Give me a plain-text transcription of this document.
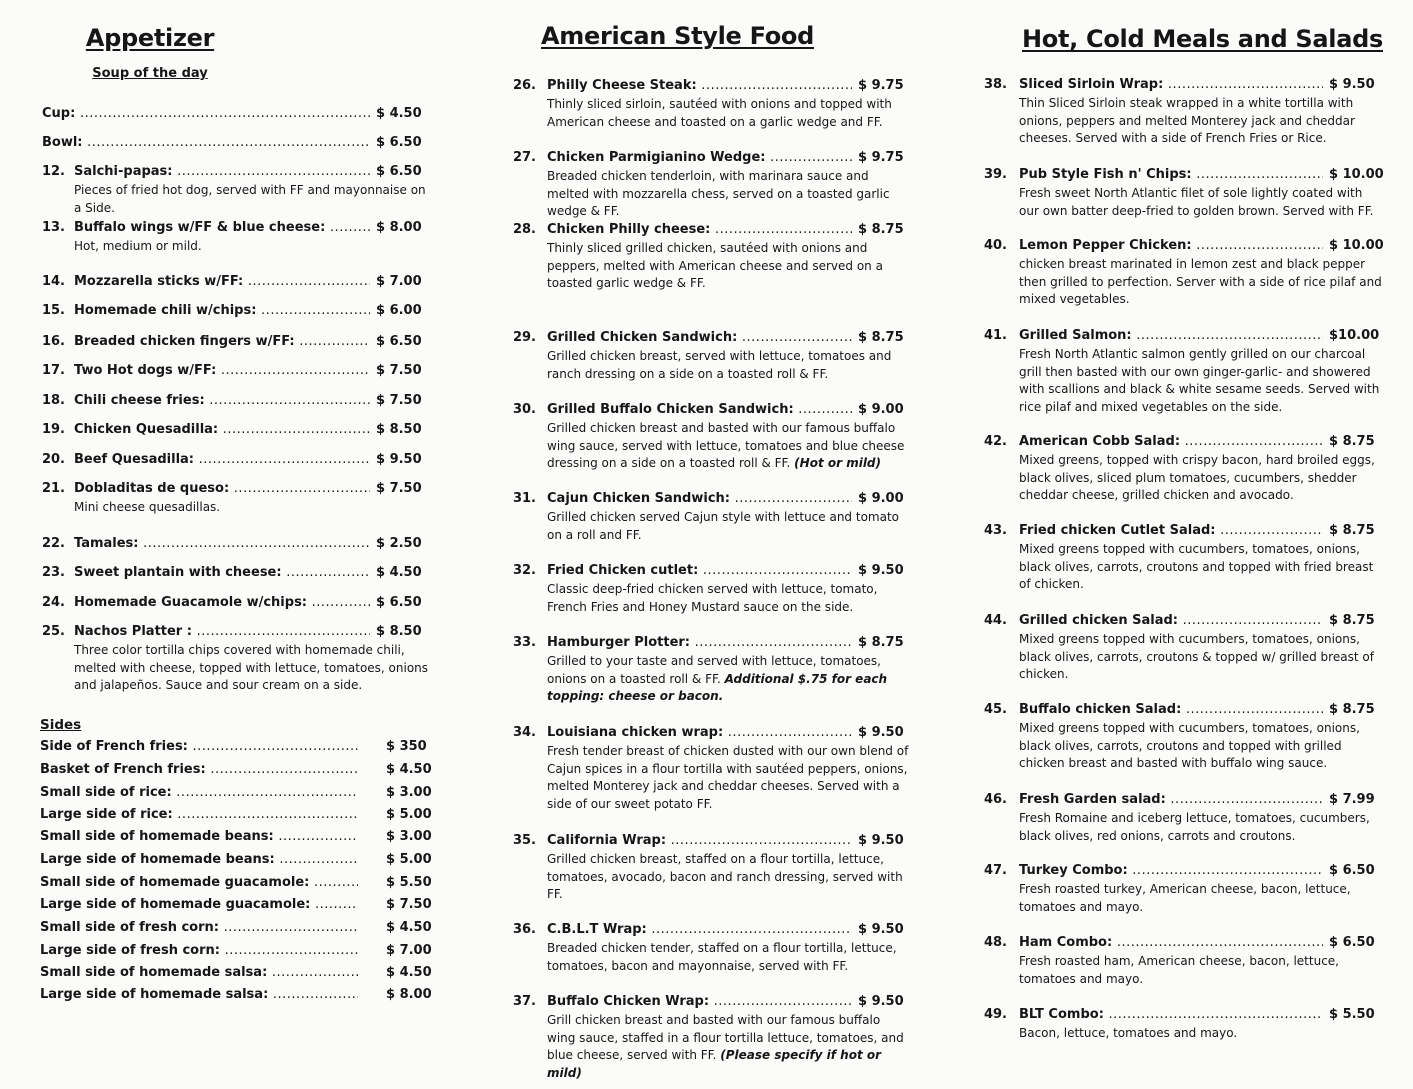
Appetizer
Soup of the day
Cup: .....	$ 4.50
Bowl: .....	$ 6.50
12. Salchi-papas: .....	$ 6.50
Pieces of fried hot dog, served with FF and mayonnaise on a Side.
13. Buffalo wings w/FF & blue cheese: .....	$ 8.00
Hot, medium or mild.
14. Mozzarella sticks w/FF: .....	$ 7.00
15. Homemade chili w/chips: .....	$ 6.00
16. Breaded chicken fingers w/FF: .....	$ 6.50
17. Two Hot dogs w/FF: .....	$ 7.50
18. Chili cheese fries: .....	$ 7.50
19. Chicken Quesadilla: .....	$ 8.50
20. Beef Quesadilla: .....	$ 9.50
21. Dobladitas de queso: .....	$ 7.50
Mini cheese quesadillas.
22. Tamales: .....	$ 2.50
23. Sweet plantain with cheese: .....	$ 4.50
24. Homemade Guacamole w/chips: .....	$ 6.50
25. Nachos Platter : .....	$ 8.50
Three color tortilla chips covered with homemade chili, melted with cheese, topped with lettuce, tomatoes, onions and jalapeños. Sauce and sour cream on a side.
Sides
Side of French fries: .....	$ 350
Basket of French fries: .....	$ 4.50
Small side of rice: .....	$ 3.00
Large side of rice: .....	$ 5.00
Small side of homemade beans: .....	$ 3.00
Large side of homemade beans: .....	$ 5.00
Small side of homemade guacamole: .....	$ 5.50
Large side of homemade guacamole: .....	$ 7.50
Small side of fresh corn: .....	$ 4.50
Large side of fresh corn: .....	$ 7.00
Small side of homemade salsa: .....	$ 4.50
Large side of homemade salsa: .....	$ 8.00
American Style Food
26. Philly Cheese Steak: .....	$ 9.75
Thinly sliced sirloin, sautéed with onions and topped with American cheese and toasted on a garlic wedge and FF.
27. Chicken Parmigianino Wedge: .....	$ 9.75
Breaded chicken tenderloin, with marinara sauce and melted with mozzarella chess, served on a toasted garlic wedge & FF.
28. Chicken Philly cheese: .....	$ 8.75
Thinly sliced grilled chicken, sautéed with onions and peppers, melted with American cheese and served on a toasted garlic wedge & FF.
29. Grilled Chicken Sandwich: .....	$ 8.75
Grilled chicken breast, served with lettuce, tomatoes and ranch dressing on a side on a toasted roll & FF.
30. Grilled Buffalo Chicken Sandwich: .....	$ 9.00
Grilled chicken breast and basted with our famous buffalo wing sauce, served with lettuce, tomatoes and blue cheese dressing on a side on a toasted roll & FF. (Hot or mild)
31. Cajun Chicken Sandwich: .....	$ 9.00
Grilled chicken served Cajun style with lettuce and tomato on a roll and FF.
32. Fried Chicken cutlet: .....	$ 9.50
Classic deep-fried chicken served with lettuce, tomato, French Fries and Honey Mustard sauce on the side.
33. Hamburger Plotter: .....	$ 8.75
Grilled to your taste and served with lettuce, tomatoes, onions on a toasted roll & FF. Additional $.75 for each topping: cheese or bacon.
34. Louisiana chicken wrap: .....	$ 9.50
Fresh tender breast of chicken dusted with our own blend of Cajun spices in a flour tortilla with sautéed peppers, onions, melted Monterey jack and cheddar cheeses. Served with a side of our sweet potato FF.
35. California Wrap: .....	$ 9.50
Grilled chicken breast, staffed on a flour tortilla, lettuce, tomatoes, avocado, bacon and ranch dressing, served with FF.
36. C.B.L.T Wrap: .....	$ 9.50
Breaded chicken tender, staffed on a flour tortilla, lettuce, tomatoes, bacon and mayonnaise, served with FF.
37. Buffalo Chicken Wrap: .....	$ 9.50
Grill chicken breast and basted with our famous buffalo wing sauce, staffed in a flour tortilla lettuce, tomatoes, and blue cheese, served with FF. (Please specify if hot or mild)
Hot, Cold Meals and Salads
38. Sliced Sirloin Wrap: .....	$ 9.50
Thin Sliced Sirloin steak wrapped in a white tortilla with onions, peppers and melted Monterey jack and cheddar cheeses. Served with a side of French Fries or Rice.
39. Pub Style Fish n' Chips: .....	$ 10.00
Fresh sweet North Atlantic filet of sole lightly coated with our own batter deep-fried to golden brown. Served with FF.
40. Lemon Pepper Chicken: .....	$ 10.00
chicken breast marinated in lemon zest and black pepper then grilled to perfection. Server with a side of rice pilaf and mixed vegetables.
41. Grilled Salmon: .....	$10.00
Fresh North Atlantic salmon gently grilled on our charcoal grill then basted with our own ginger-garlic- and showered with scallions and black & white sesame seeds. Served with rice pilaf and mixed vegetables on the side.
42. American Cobb Salad: .....	$ 8.75
Mixed greens, topped with crispy bacon, hard broiled eggs, black olives, sliced plum tomatoes, cucumbers, shedder cheddar cheese, grilled chicken and avocado.
43. Fried chicken Cutlet Salad: .....	$ 8.75
Mixed greens topped with cucumbers, tomatoes, onions, black olives, carrots, croutons and topped with fried breast of chicken.
44. Grilled chicken Salad: .....	$ 8.75
Mixed greens topped with cucumbers, tomatoes, onions, black olives, carrots, croutons & topped w/ grilled breast of chicken.
45. Buffalo chicken Salad: .....	$ 8.75
Mixed greens topped with cucumbers, tomatoes, onions, black olives, carrots, croutons and topped with grilled chicken breast and basted with buffalo wing sauce.
46. Fresh Garden salad: .....	$ 7.99
Fresh Romaine and iceberg lettuce, tomatoes, cucumbers, black olives, red onions, carrots and croutons.
47. Turkey Combo: .....	$ 6.50
Fresh roasted turkey, American cheese, bacon, lettuce, tomatoes and mayo.
48. Ham Combo: .....	$ 6.50
Fresh roasted ham, American cheese, bacon, lettuce, tomatoes and mayo.
49. BLT Combo: .....	$ 5.50
Bacon, lettuce, tomatoes and mayo.
